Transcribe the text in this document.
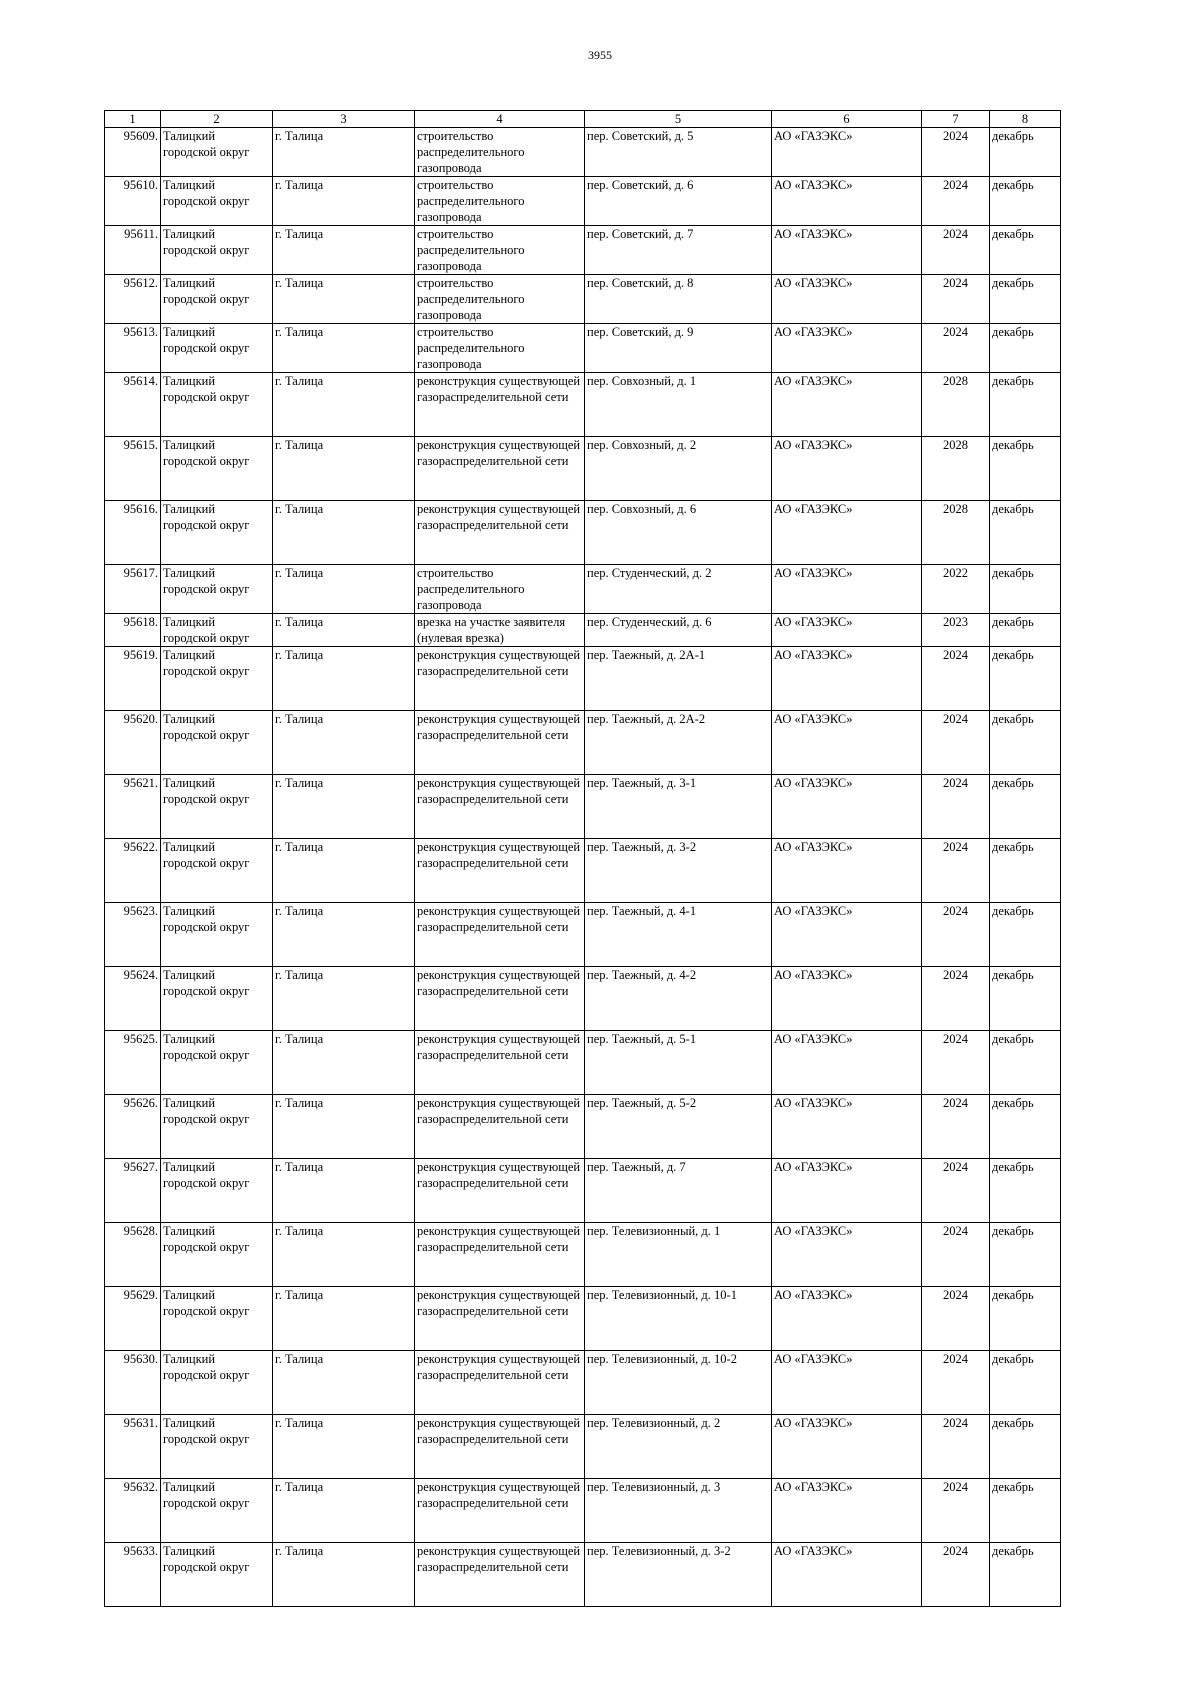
3955
1	2	3	4	5	6	7	8
95609.	Талицкий городской округ	г. Талица	строительство распределительного газопровода	пер. Советский, д. 5	АО «ГАЗЭКС»	2024	декабрь
95610.	Талицкий городской округ	г. Талица	строительство распределительного газопровода	пер. Советский, д. 6	АО «ГАЗЭКС»	2024	декабрь
95611.	Талицкий городской округ	г. Талица	строительство распределительного газопровода	пер. Советский, д. 7	АО «ГАЗЭКС»	2024	декабрь
95612.	Талицкий городской округ	г. Талица	строительство распределительного газопровода	пер. Советский, д. 8	АО «ГАЗЭКС»	2024	декабрь
95613.	Талицкий городской округ	г. Талица	строительство распределительного газопровода	пер. Советский, д. 9	АО «ГАЗЭКС»	2024	декабрь
95614.	Талицкий городской округ	г. Талица	реконструкция существующей газораспределительной сети	пер. Совхозный, д. 1	АО «ГАЗЭКС»	2028	декабрь
95615.	Талицкий городской округ	г. Талица	реконструкция существующей газораспределительной сети	пер. Совхозный, д. 2	АО «ГАЗЭКС»	2028	декабрь
95616.	Талицкий городской округ	г. Талица	реконструкция существующей газораспределительной сети	пер. Совхозный, д. 6	АО «ГАЗЭКС»	2028	декабрь
95617.	Талицкий городской округ	г. Талица	строительство распределительного газопровода	пер. Студенческий, д. 2	АО «ГАЗЭКС»	2022	декабрь
95618.	Талицкий городской округ	г. Талица	врезка на участке заявителя (нулевая врезка)	пер. Студенческий, д. 6	АО «ГАЗЭКС»	2023	декабрь
95619.	Талицкий городской округ	г. Талица	реконструкция существующей газораспределительной сети	пер. Таежный, д. 2А-1	АО «ГАЗЭКС»	2024	декабрь
95620.	Талицкий городской округ	г. Талица	реконструкция существующей газораспределительной сети	пер. Таежный, д. 2А-2	АО «ГАЗЭКС»	2024	декабрь
95621.	Талицкий городской округ	г. Талица	реконструкция существующей газораспределительной сети	пер. Таежный, д. 3-1	АО «ГАЗЭКС»	2024	декабрь
95622.	Талицкий городской округ	г. Талица	реконструкция существующей газораспределительной сети	пер. Таежный, д. 3-2	АО «ГАЗЭКС»	2024	декабрь
95623.	Талицкий городской округ	г. Талица	реконструкция существующей газораспределительной сети	пер. Таежный, д. 4-1	АО «ГАЗЭКС»	2024	декабрь
95624.	Талицкий городской округ	г. Талица	реконструкция существующей газораспределительной сети	пер. Таежный, д. 4-2	АО «ГАЗЭКС»	2024	декабрь
95625.	Талицкий городской округ	г. Талица	реконструкция существующей газораспределительной сети	пер. Таежный, д. 5-1	АО «ГАЗЭКС»	2024	декабрь
95626.	Талицкий городской округ	г. Талица	реконструкция существующей газораспределительной сети	пер. Таежный, д. 5-2	АО «ГАЗЭКС»	2024	декабрь
95627.	Талицкий городской округ	г. Талица	реконструкция существующей газораспределительной сети	пер. Таежный, д. 7	АО «ГАЗЭКС»	2024	декабрь
95628.	Талицкий городской округ	г. Талица	реконструкция существующей газораспределительной сети	пер. Телевизионный, д. 1	АО «ГАЗЭКС»	2024	декабрь
95629.	Талицкий городской округ	г. Талица	реконструкция существующей газораспределительной сети	пер. Телевизионный, д. 10-1	АО «ГАЗЭКС»	2024	декабрь
95630.	Талицкий городской округ	г. Талица	реконструкция существующей газораспределительной сети	пер. Телевизионный, д. 10-2	АО «ГАЗЭКС»	2024	декабрь
95631.	Талицкий городской округ	г. Талица	реконструкция существующей газораспределительной сети	пер. Телевизионный, д. 2	АО «ГАЗЭКС»	2024	декабрь
95632.	Талицкий городской округ	г. Талица	реконструкция существующей газораспределительной сети	пер. Телевизионный, д. 3	АО «ГАЗЭКС»	2024	декабрь
95633.	Талицкий городской округ	г. Талица	реконструкция существующей газораспределительной сети	пер. Телевизионный, д. 3-2	АО «ГАЗЭКС»	2024	декабрь
